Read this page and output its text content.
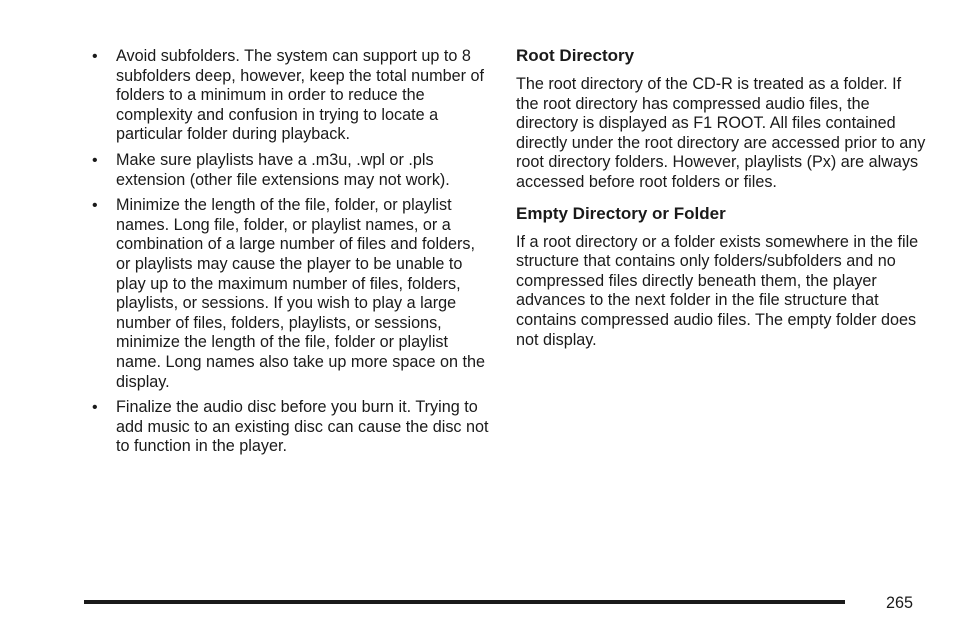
• Avoid subfolders. The system can support up to 8 subfolders deep, however, keep the total number of folders to a minimum in order to reduce the complexity and confusion in trying to locate a particular folder during playback.
• Make sure playlists have a .m3u, .wpl or .pls extension (other file extensions may not work).
• Minimize the length of the file, folder, or playlist names. Long file, folder, or playlist names, or a combination of a large number of files and folders, or playlists may cause the player to be unable to play up to the maximum number of files, folders, playlists, or sessions. If you wish to play a large number of files, folders, playlists, or sessions, minimize the length of the file, folder or playlist name. Long names also take up more space on the display.
• Finalize the audio disc before you burn it. Trying to add music to an existing disc can cause the disc not to function in the player.
Root Directory

The root directory of the CD-R is treated as a folder. If the root directory has compressed audio files, the directory is displayed as F1 ROOT. All files contained directly under the root directory are accessed prior to any root directory folders. However, playlists (Px) are always accessed before root folders or files.

Empty Directory or Folder

If a root directory or a folder exists somewhere in the file structure that contains only folders/subfolders and no compressed files directly beneath them, the player advances to the next folder in the file structure that contains compressed audio files. The empty folder does not display.

265
